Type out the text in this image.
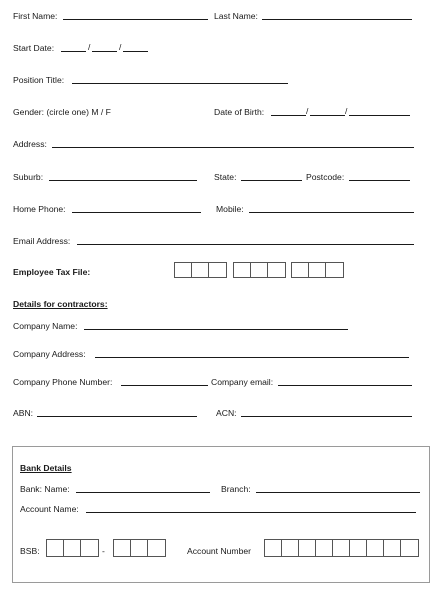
First Name:	Last Name:
Start Date:	/	/
Position Title:
Gender: (circle one) M / F	Date of Birth:	/	/
Address:
Suburb:	State:	Postcode:
Home Phone:	Mobile:
Email Address:
Employee Tax File:
Details for contractors:
Company Name:
Company Address:
Company Phone Number:	Company email:
ABN:	ACN:
Bank Details
Bank: Name:	Branch:
Account Name:
BSB:	-	Account Number
